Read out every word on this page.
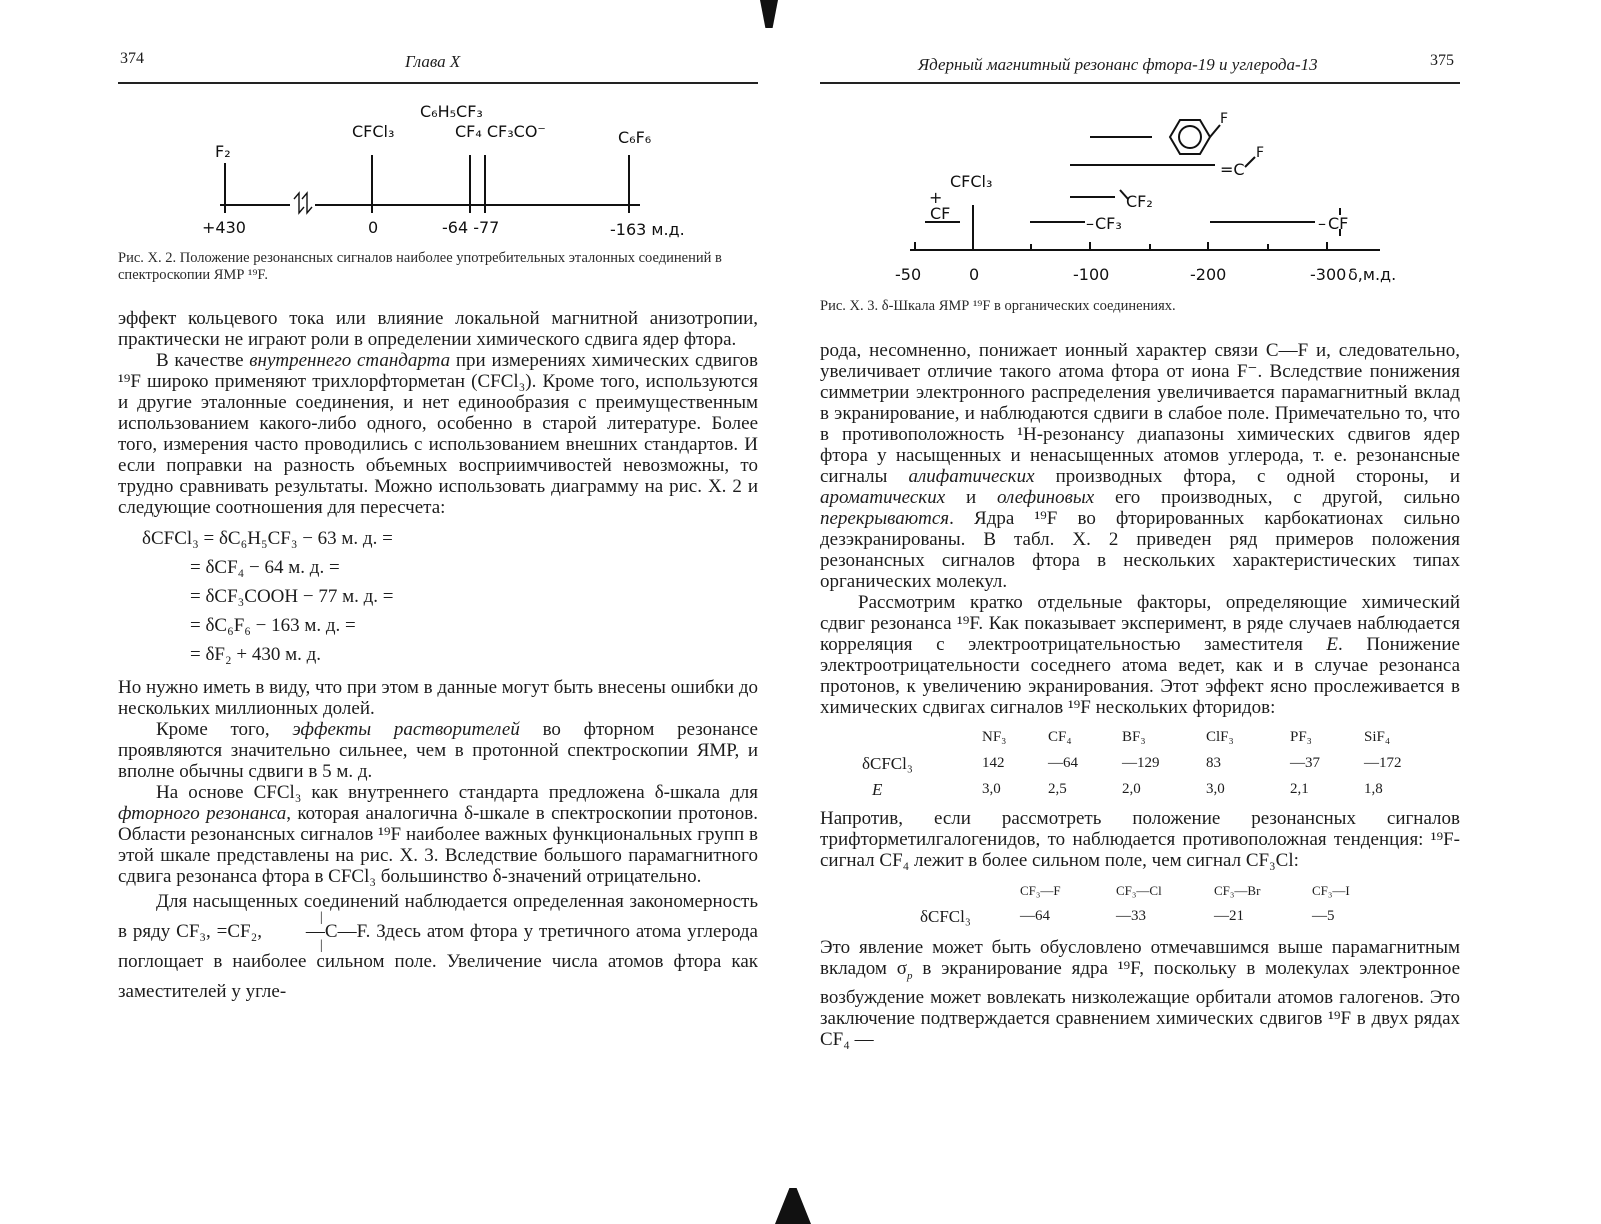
374	Глава X
F₂
CFCl₃
C₆H₅CF₃
CF₄ CF₃CO⁻	C₆F₆
+430	0	-64 -77	-163 м.д.
Рис. X. 2. Положение резонансных сигналов наиболее употребительных эталонных соединений в спектроскопии ЯМР ¹⁹F.

эффект кольцевого тока или влияние локальной магнитной анизотропии, практически не играют роли в определении химического сдвига ядер фтора.

В качестве внутреннего стандарта при измерениях химических сдвигов ¹⁹F широко применяют трихлорфторметан (CFCl₃). Кроме того, используются и другие эталонные соединения, и нет единообразия с преимущественным использованием какого-либо одного, особенно в старой литературе. Более того, измерения часто проводились с использованием внешних стандартов. И если поправки на разность объемных восприимчивостей невозможны, то трудно сравнивать результаты. Можно использовать диаграмму на рис. X. 2 и следующие соотношения для пересчета:

δCFCl₃ = δC₆H₅CF₃ − 63 м. д. =
= δCF₄ − 64 м. д. =
= δCF₃COOH − 77 м. д. =
= δC₆F₆ − 163 м. д. =
= δF₂ + 430 м. д.

Но нужно иметь в виду, что при этом в данные могут быть внесены ошибки до нескольких миллионных долей.

Кроме того, эффекты растворителей во фторном резонансе проявляются значительно сильнее, чем в протонной спектроскопии ЯМР, и вполне обычны сдвиги в 5 м. д.

На основе CFCl₃ как внутреннего стандарта предложена δ-шкала для фторного резонанса, которая аналогична δ-шкале в спектроскопии протонов. Области резонансных сигналов ¹⁹F наиболее важных функциональных групп в этой шкале представлены на рис. X. 3. Вследствие большого парамагнитного сдвига резонанса фтора в CFCl₃ большинство δ-значений отрицательно.

Для насыщенных соединений наблюдается определенная закономерность в ряду CF₃, =CF₂, —C—F.
|
|
Здесь атом фтора у третичного атома углерода поглощает в наиболее сильном поле. Увеличение числа атомов фтора как заместителей у угле-

Ядерный магнитный резонанс фтора-19 и углерода-13	375
CFCl₃
+
CF
F
=C
F
CF₂
– CF₃	– CF
-50	0	-100	-200	-300 δ,м.д.
Рис. X. 3. δ-Шкала ЯМР ¹⁹F в органических соединениях.

рода, несомненно, понижает ионный характер связи C—F и, следовательно, увеличивает отличие такого атома фтора от иона F⁻. Вследствие понижения симметрии электронного распределения увеличивается парамагнитный вклад в экранирование, и наблюдаются сдвиги в слабое поле. Примечательно то, что в противоположность ¹H-резонансу диапазоны химических сдвигов ядер фтора у насыщенных и ненасыщенных атомов углерода, т. е. резонансные сигналы алифатических производных фтора, с одной стороны, и ароматических и олефиновых его производных, с другой, сильно перекрываются. Ядра ¹⁹F во фторированных карбокатионах сильно дезэкранированы. В табл. X. 2 приведен ряд примеров положения резонансных сигналов фтора в нескольких характеристических типах органических молекул.

Рассмотрим кратко отдельные факторы, определяющие химический сдвиг резонанса ¹⁹F. Как показывает эксперимент, в ряде случаев наблюдается корреляция с электроотрицательностью заместителя E. Понижение электроотрицательности соседнего атома ведет, как и в случае резонанса протонов, к увеличению экранирования. Этот эффект ясно прослеживается в химических сдвигах сигналов ¹⁹F нескольких фторидов:

	NF₃	CF₄	BF₃	ClF₃	PF₃	SiF₄
δCFCl₃	142	—64	—129	83	—37	—172
E	3,0	2,5	2,0	3,0	2,1	1,8

Напротив, если рассмотреть положение резонансных сигналов трифторметилгалогенидов, то наблюдается противоположная тенденция: ¹⁹F-сигнал CF₄ лежит в более сильном поле, чем сигнал CF₃Cl:

	CF₃—F	CF₃—Cl	CF₃—Br	CF₃—I
δCFCl₃	—64	—33	—21	—5

Это явление может быть обусловлено отмечавшимся выше парамагнитным вкладом $\sigma_p$ в экранирование ядра ¹⁹F, поскольку в молекулах электронное возбуждение может вовлекать низколежащие орбитали атомов галогенов. Это заключение подтверждается сравнением химических сдвигов ¹⁹F в двух рядах CF₄ —
